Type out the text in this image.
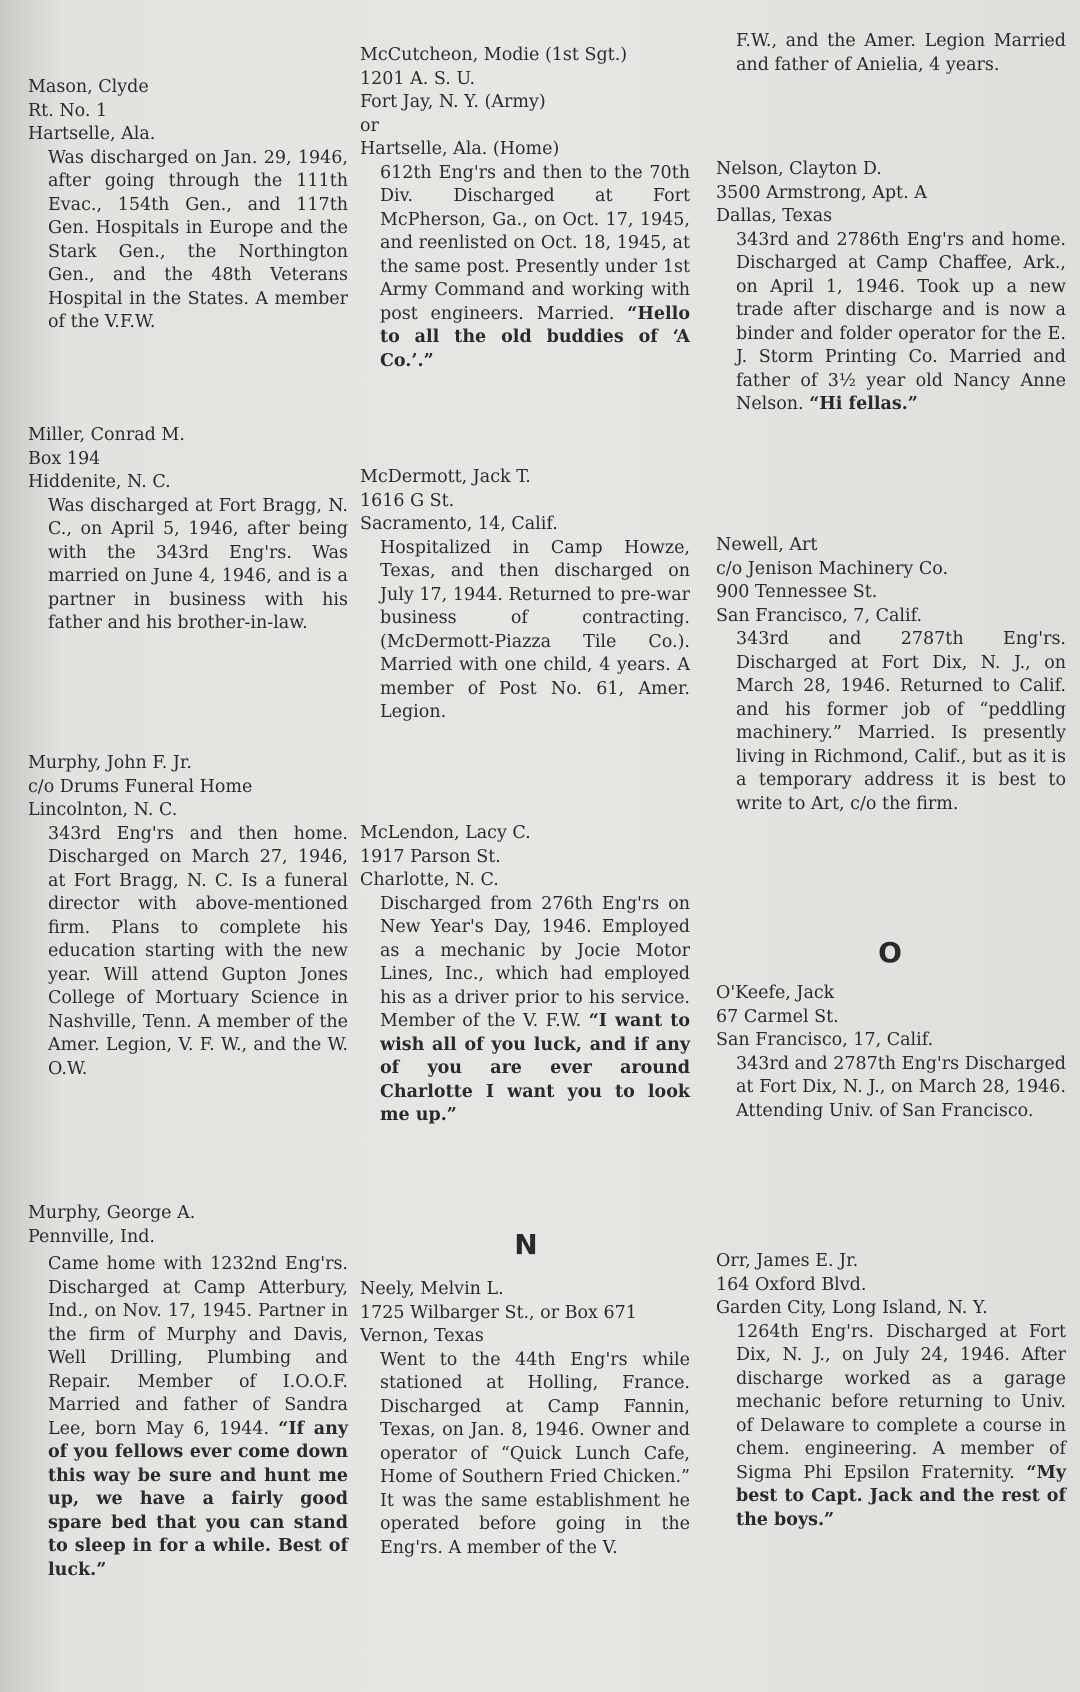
Mason, Clyde
Rt. No. 1
Hartselle, Ala.
Was discharged on Jan. 29, 1946, after going through the 111th Evac., 154th Gen., and 117th Gen. Hospitals in Europe and the Stark Gen., the Northington Gen., and the 48th Veterans Hospital in the States. A member of the V.F.W.
Miller, Conrad M.
Box 194
Hiddenite, N. C.
Was discharged at Fort Bragg, N. C., on April 5, 1946, after being with the 343rd Eng'rs. Was married on June 4, 1946, and is a partner in business with his father and his brother-in-law.
Murphy, John F. Jr.
c/o Drums Funeral Home
Lincolnton, N. C.
343rd Eng'rs and then home. Discharged on March 27, 1946, at Fort Bragg, N. C. Is a funeral director with above-mentioned firm. Plans to complete his education starting with the new year. Will attend Gupton Jones College of Mortuary Science in Nashville, Tenn. A member of the Amer. Legion, V. F. W., and the W. O.W.
Murphy, George A.
Pennville, Ind.
Came home with 1232nd Eng'rs. Discharged at Camp Atterbury, Ind., on Nov. 17, 1945. Partner in the firm of Murphy and Davis, Well Drilling, Plumbing and Repair. Member of I.O.O.F. Married and father of Sandra Lee, born May 6, 1944. “If any of you fellows ever come down this way be sure and hunt me up, we have a fairly good spare bed that you can stand to sleep in for a while. Best of luck.”
McCutcheon, Modie (1st Sgt.)
1201 A. S. U.
Fort Jay, N. Y. (Army)
or
Hartselle, Ala. (Home)
612th Eng'rs and then to the 70th Div. Discharged at Fort McPherson, Ga., on Oct. 17, 1945, and reenlisted on Oct. 18, 1945, at the same post. Presently under 1st Army Command and working with post engineers. Married. “Hello to all the old buddies of ‘A Co.’.”
McDermott, Jack T.
1616 G St.
Sacramento, 14, Calif.
Hospitalized in Camp Howze, Texas, and then discharged on July 17, 1944. Returned to pre-war business of contracting. (McDermott-Piazza Tile Co.). Married with one child, 4 years. A member of Post No. 61, Amer. Legion.
McLendon, Lacy C.
1917 Parson St.
Charlotte, N. C.
Discharged from 276th Eng'rs on New Year's Day, 1946. Employed as a mechanic by Jocie Motor Lines, Inc., which had employed his as a driver prior to his service. Member of the V. F.W. “I want to wish all of you luck, and if any of you are ever around Charlotte I want you to look me up.”
N
Neely, Melvin L.
1725 Wilbarger St., or Box 671
Vernon, Texas
Went to the 44th Eng'rs while stationed at Holling, France. Discharged at Camp Fannin, Texas, on Jan. 8, 1946. Owner and operator of “Quick Lunch Cafe, Home of Southern Fried Chicken.” It was the same establishment he operated before going in the Eng'rs. A member of the V.
F.W., and the Amer. Legion Married and father of Anielia, 4 years.
Nelson, Clayton D.
3500 Armstrong, Apt. A
Dallas, Texas
343rd and 2786th Eng'rs and home. Discharged at Camp Chaffee, Ark., on April 1, 1946. Took up a new trade after discharge and is now a binder and folder operator for the E. J. Storm Printing Co. Married and father of 3½ year old Nancy Anne Nelson. “Hi fellas.”
Newell, Art
c/o Jenison Machinery Co.
900 Tennessee St.
San Francisco, 7, Calif.
343rd and 2787th Eng'rs. Discharged at Fort Dix, N. J., on March 28, 1946. Returned to Calif. and his former job of “peddling machinery.” Married. Is presently living in Richmond, Calif., but as it is a temporary address it is best to write to Art, c/o the firm.
O
O'Keefe, Jack
67 Carmel St.
San Francisco, 17, Calif.
343rd and 2787th Eng'rs Discharged at Fort Dix, N. J., on March 28, 1946. Attending Univ. of San Francisco.
Orr, James E. Jr.
164 Oxford Blvd.
Garden City, Long Island, N. Y.
1264th Eng'rs. Discharged at Fort Dix, N. J., on July 24, 1946. After discharge worked as a garage mechanic before returning to Univ. of Delaware to complete a course in chem. engineering. A member of Sigma Phi Epsilon Fraternity. “My best to Capt. Jack and the rest of the boys.”
